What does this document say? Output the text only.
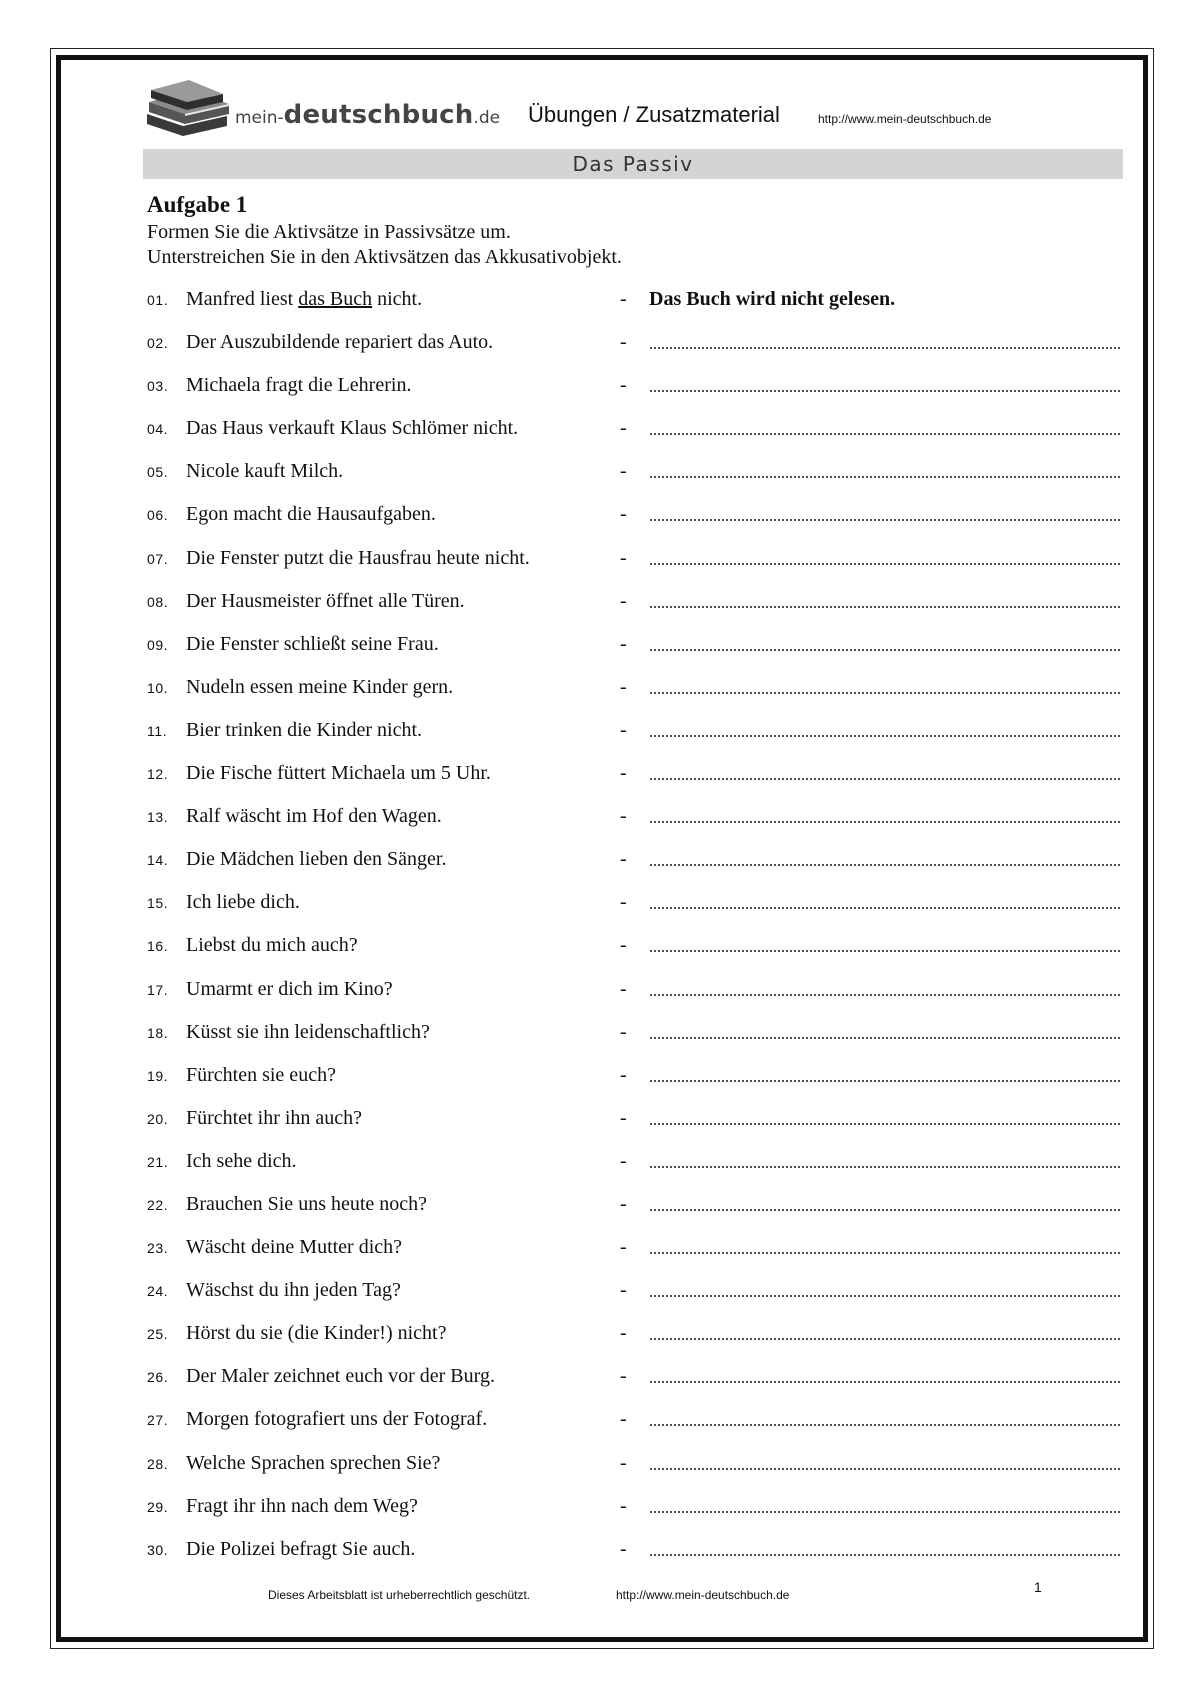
mein-deutschbuch.de Übungen / Zusatzmaterial	http://www.mein-deutschbuch.de
Das Passiv
Aufgabe 1
Formen Sie die Aktivsätze in Passivsätze um.
Unterstreichen Sie in den Aktivsätzen das Akkusativobjekt.
01. Manfred liest das Buch nicht.	- Das Buch wird nicht gelesen.
02. Der Auszubildende repariert das Auto.	-
03. Michaela fragt die Lehrerin.	-
04. Das Haus verkauft Klaus Schlömer nicht.	-
05. Nicole kauft Milch.	-
06. Egon macht die Hausaufgaben.	-
07. Die Fenster putzt die Hausfrau heute nicht.	-
08. Der Hausmeister öffnet alle Türen.	-
09. Die Fenster schließt seine Frau.	-
10. Nudeln essen meine Kinder gern.	-
11. Bier trinken die Kinder nicht.	-
12. Die Fische füttert Michaela um 5 Uhr.	-
13. Ralf wäscht im Hof den Wagen.	-
14. Die Mädchen lieben den Sänger.	-
15. Ich liebe dich.	-
16. Liebst du mich auch?	-
17. Umarmt er dich im Kino?	-
18. Küsst sie ihn leidenschaftlich?	-
19. Fürchten sie euch?	-
20. Fürchtet ihr ihn auch?	-
21. Ich sehe dich.	-
22. Brauchen Sie uns heute noch?	-
23. Wäscht deine Mutter dich?	-
24. Wäschst du ihn jeden Tag?	-
25. Hörst du sie (die Kinder!) nicht?	-
26. Der Maler zeichnet euch vor der Burg.	-
27. Morgen fotografiert uns der Fotograf.	-
28. Welche Sprachen sprechen Sie?	-
29. Fragt ihr ihn nach dem Weg?	-
30. Die Polizei befragt Sie auch.	-
Dieses Arbeitsblatt ist urheberrechtlich geschützt.	http://www.mein-deutschbuch.de	1
